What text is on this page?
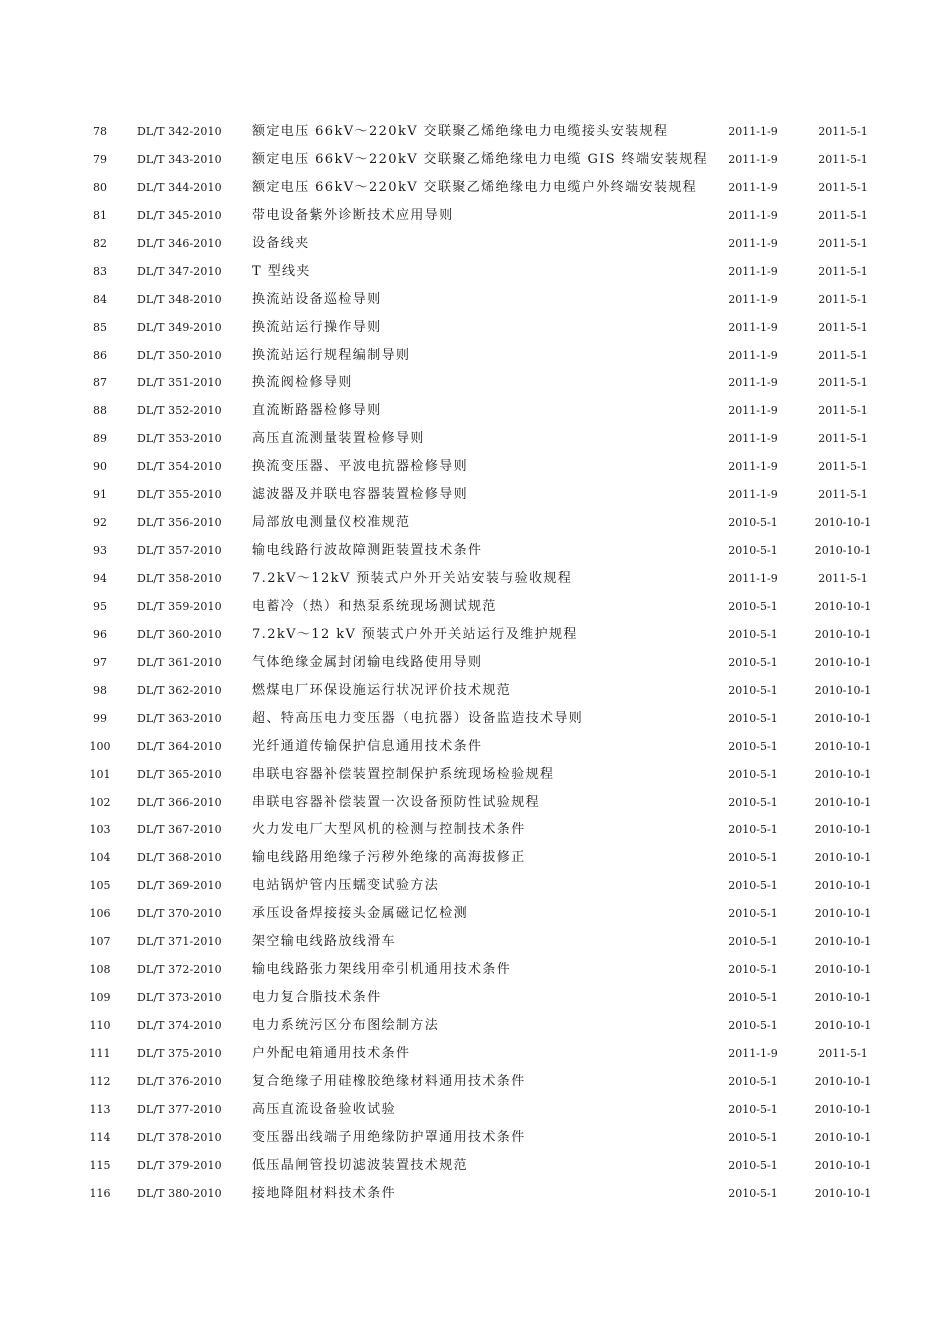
78	DL/T 342-2010 额定电压 66kV～220kV 交联聚乙烯绝缘电力电缆接头安装规程	2011-1-9	2011-5-1
79	DL/T 343-2010 额定电压 66kV～220kV 交联聚乙烯绝缘电力电缆 GIS 终端安装规程	2011-1-9	2011-5-1
80	DL/T 344-2010 额定电压 66kV～220kV 交联聚乙烯绝缘电力电缆户外终端安装规程	2011-1-9	2011-5-1
81	DL/T 345-2010 带电设备紫外诊断技术应用导则	2011-1-9	2011-5-1
82	DL/T 346-2010 设备线夹	2011-1-9	2011-5-1
83	DL/T 347-2010 T 型线夹	2011-1-9	2011-5-1
84	DL/T 348-2010 换流站设备巡检导则	2011-1-9	2011-5-1
85	DL/T 349-2010 换流站运行操作导则	2011-1-9	2011-5-1
86	DL/T 350-2010 换流站运行规程编制导则	2011-1-9	2011-5-1
87	DL/T 351-2010 换流阀检修导则	2011-1-9	2011-5-1
88	DL/T 352-2010 直流断路器检修导则	2011-1-9	2011-5-1
89	DL/T 353-2010 高压直流测量装置检修导则	2011-1-9	2011-5-1
90	DL/T 354-2010 换流变压器、平波电抗器检修导则	2011-1-9	2011-5-1
91	DL/T 355-2010 滤波器及并联电容器装置检修导则	2011-1-9	2011-5-1
92	DL/T 356-2010 局部放电测量仪校准规范	2010-5-1	2010-10-1
93	DL/T 357-2010 输电线路行波故障测距装置技术条件	2010-5-1	2010-10-1
94	DL/T 358-2010 7.2kV～12kV 预装式户外开关站安装与验收规程	2011-1-9	2011-5-1
95	DL/T 359-2010 电蓄冷（热）和热泵系统现场测试规范	2010-5-1	2010-10-1
96	DL/T 360-2010 7.2kV～12 kV 预装式户外开关站运行及维护规程	2010-5-1	2010-10-1
97	DL/T 361-2010 气体绝缘金属封闭输电线路使用导则	2010-5-1	2010-10-1
98	DL/T 362-2010 燃煤电厂环保设施运行状况评价技术规范	2010-5-1	2010-10-1
99	DL/T 363-2010 超、特高压电力变压器（电抗器）设备监造技术导则	2010-5-1	2010-10-1
100 DL/T 364-2010 光纤通道传输保护信息通用技术条件	2010-5-1	2010-10-1
101 DL/T 365-2010 串联电容器补偿装置控制保护系统现场检验规程	2010-5-1	2010-10-1
102 DL/T 366-2010 串联电容器补偿装置一次设备预防性试验规程	2010-5-1	2010-10-1
103 DL/T 367-2010 火力发电厂大型风机的检测与控制技术条件	2010-5-1	2010-10-1
104 DL/T 368-2010 输电线路用绝缘子污秽外绝缘的高海拔修正	2010-5-1	2010-10-1
105 DL/T 369-2010 电站锅炉管内压蠕变试验方法	2010-5-1	2010-10-1
106 DL/T 370-2010 承压设备焊接接头金属磁记忆检测	2010-5-1	2010-10-1
107 DL/T 371-2010 架空输电线路放线滑车	2010-5-1	2010-10-1
108 DL/T 372-2010 输电线路张力架线用牵引机通用技术条件	2010-5-1	2010-10-1
109 DL/T 373-2010 电力复合脂技术条件	2010-5-1	2010-10-1
110 DL/T 374-2010 电力系统污区分布图绘制方法	2010-5-1	2010-10-1
111 DL/T 375-2010 户外配电箱通用技术条件	2011-1-9	2011-5-1
112 DL/T 376-2010 复合绝缘子用硅橡胶绝缘材料通用技术条件	2010-5-1	2010-10-1
113 DL/T 377-2010 高压直流设备验收试验	2010-5-1	2010-10-1
114 DL/T 378-2010 变压器出线端子用绝缘防护罩通用技术条件	2010-5-1	2010-10-1
115 DL/T 379-2010 低压晶闸管投切滤波装置技术规范	2010-5-1	2010-10-1
116 DL/T 380-2010 接地降阻材料技术条件	2010-5-1	2010-10-1
